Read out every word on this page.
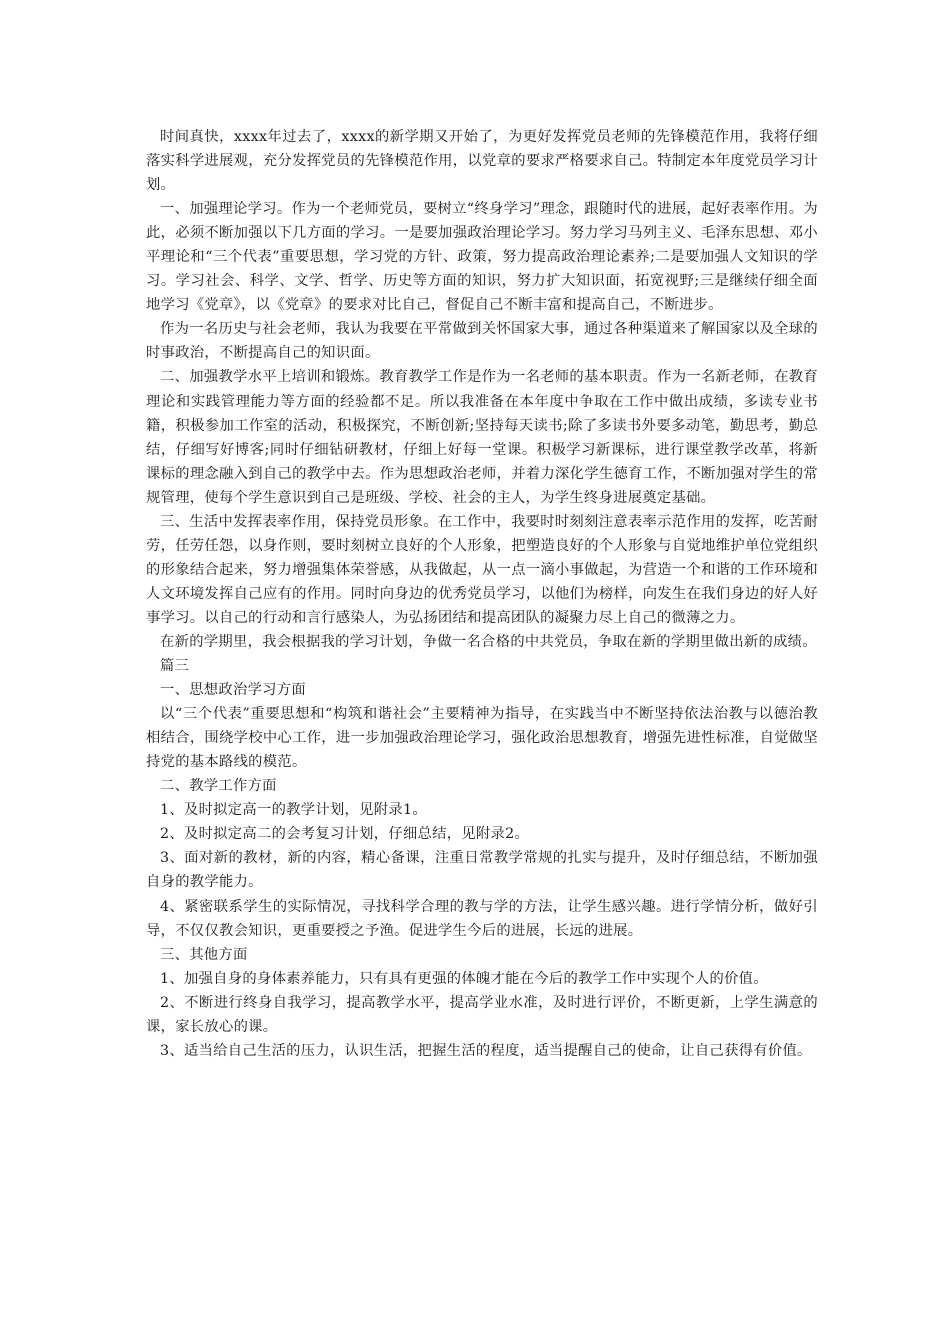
时间真快，xxxx年过去了，xxxx的新学期又开始了，为更好发挥党员老师的先锋模范作用，我将仔细落实科学进展观，充分发挥党员的先锋模范作用，以党章的要求严格要求自己。特制定本年度党员学习计划。

一、加强理论学习。作为一个老师党员，要树立“终身学习”理念，跟随时代的进展，起好表率作用。为此，必须不断加强以下几方面的学习。一是要加强政治理论学习。努力学习马列主义、毛泽东思想、邓小平理论和“三个代表”重要思想，学习党的方针、政策，努力提高政治理论素养;二是要加强人文知识的学习。学习社会、科学、文学、哲学、历史等方面的知识，努力扩大知识面，拓宽视野;三是继续仔细全面地学习《党章》，以《党章》的要求对比自己，督促自己不断丰富和提高自己，不断进步。

作为一名历史与社会老师，我认为我要在平常做到关怀国家大事，通过各种渠道来了解国家以及全球的时事政治，不断提高自己的知识面。

二、加强教学水平上培训和锻炼。教育教学工作是作为一名老师的基本职责。作为一名新老师，在教育理论和实践管理能力等方面的经验都不足。所以我准备在本年度中争取在工作中做出成绩，多读专业书籍，积极参加工作室的活动，积极探究，不断创新;坚持每天读书;除了多读书外要多动笔，勤思考，勤总结，仔细写好博客;同时仔细钻研教材，仔细上好每一堂课。积极学习新课标，进行课堂教学改革，将新课标的理念融入到自己的教学中去。作为思想政治老师，并着力深化学生德育工作，不断加强对学生的常规管理，使每个学生意识到自己是班级、学校、社会的主人，为学生终身进展奠定基础。

三、生活中发挥表率作用，保持党员形象。在工作中，我要时时刻刻注意表率示范作用的发挥，吃苦耐劳，任劳任怨，以身作则，要时刻树立良好的个人形象，把塑造良好的个人形象与自觉地维护单位党组织的形象结合起来，努力增强集体荣誉感，从我做起，从一点一滴小事做起，为营造一个和谐的工作环境和人文环境发挥自己应有的作用。同时向身边的优秀党员学习，以他们为榜样，向发生在我们身边的好人好事学习。以自己的行动和言行感染人，为弘扬团结和提高团队的凝聚力尽上自己的微薄之力。

在新的学期里，我会根据我的学习计划，争做一名合格的中共党员，争取在新的学期里做出新的成绩。

篇三

一、思想政治学习方面

以“三个代表”重要思想和“构筑和谐社会”主要精神为指导，在实践当中不断坚持依法治教与以德治教相结合，围绕学校中心工作，进一步加强政治理论学习，强化政治思想教育，增强先进性标准，自觉做坚持党的基本路线的模范。

二、教学工作方面

1、及时拟定高一的教学计划，见附录1。

2、及时拟定高二的会考复习计划，仔细总结，见附录2。

3、面对新的教材，新的内容，精心备课，注重日常教学常规的扎实与提升，及时仔细总结，不断加强自身的教学能力。

4、紧密联系学生的实际情况，寻找科学合理的教与学的方法，让学生感兴趣。进行学情分析，做好引导，不仅仅教会知识，更重要授之予渔。促进学生今后的进展，长远的进展。

三、其他方面

1、加强自身的身体素养能力，只有具有更强的体魄才能在今后的教学工作中实现个人的价值。

2、不断进行终身自我学习，提高教学水平，提高学业水准，及时进行评价，不断更新，上学生满意的课，家长放心的课。

3、适当给自己生活的压力，认识生活，把握生活的程度，适当提醒自己的使命，让自己获得有价值。
